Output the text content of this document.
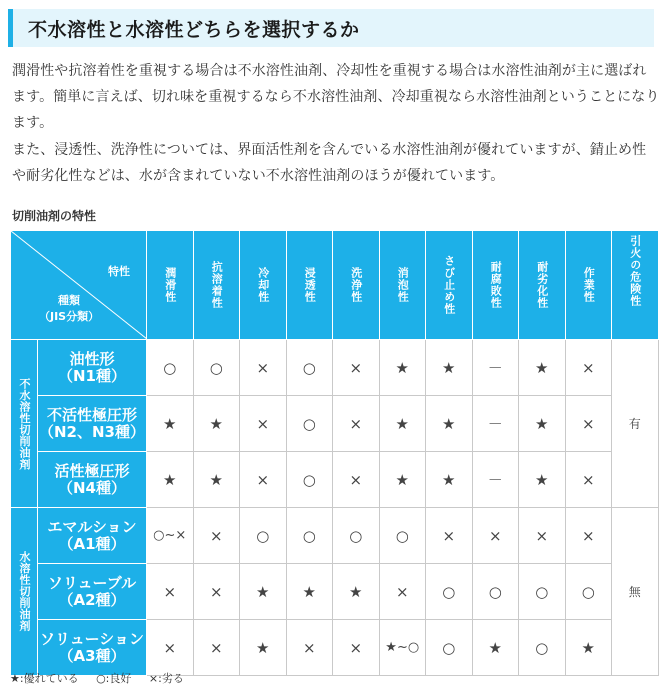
不水溶性と水溶性どちらを選択するか
潤滑性や抗溶着性を重視する場合は不水溶性油剤、冷却性を重視する場合は水溶性油剤が主に選ばれます。簡単に言えば、切れ味を重視するなら不水溶性油剤、冷却重視なら水溶性油剤ということになります。
また、浸透性、洗浄性については、界面活性剤を含んでいる水溶性油剤が優れていますが、錆止め性や耐劣化性などは、水が含まれていない不水溶性油剤のほうが優れています。
切削油剤の特性
特性
種類
（JIS分類）		潤滑性	抗溶着性	冷却性	浸透性	洗浄性	消泡性	さび止め性	耐腐敗性	耐劣化性	作業性	引火の危険性

不水溶性切削油剤	油性形
（N1種）	○	○	×	○	×	★	★	－	★	×	有
	不活性極圧形
（N2、N3種）	★	★	×	○	×	★	★	－	★	×	
	活性極圧形
（N4種）	★	★	×	○	×	★	★	－	★	×	

水溶性切削油剤	エマルション
（A1種）	○~×	×	○	○	○	○	×	×	×	×	無
	ソリューブル
（A2種）	×	×	★	★	★	×	○	○	○	○	
	ソリューション
（A3種）	×	×	★	×	×	★~○	○	★	○	★	
★:優れている ○:良好 ×:劣る
